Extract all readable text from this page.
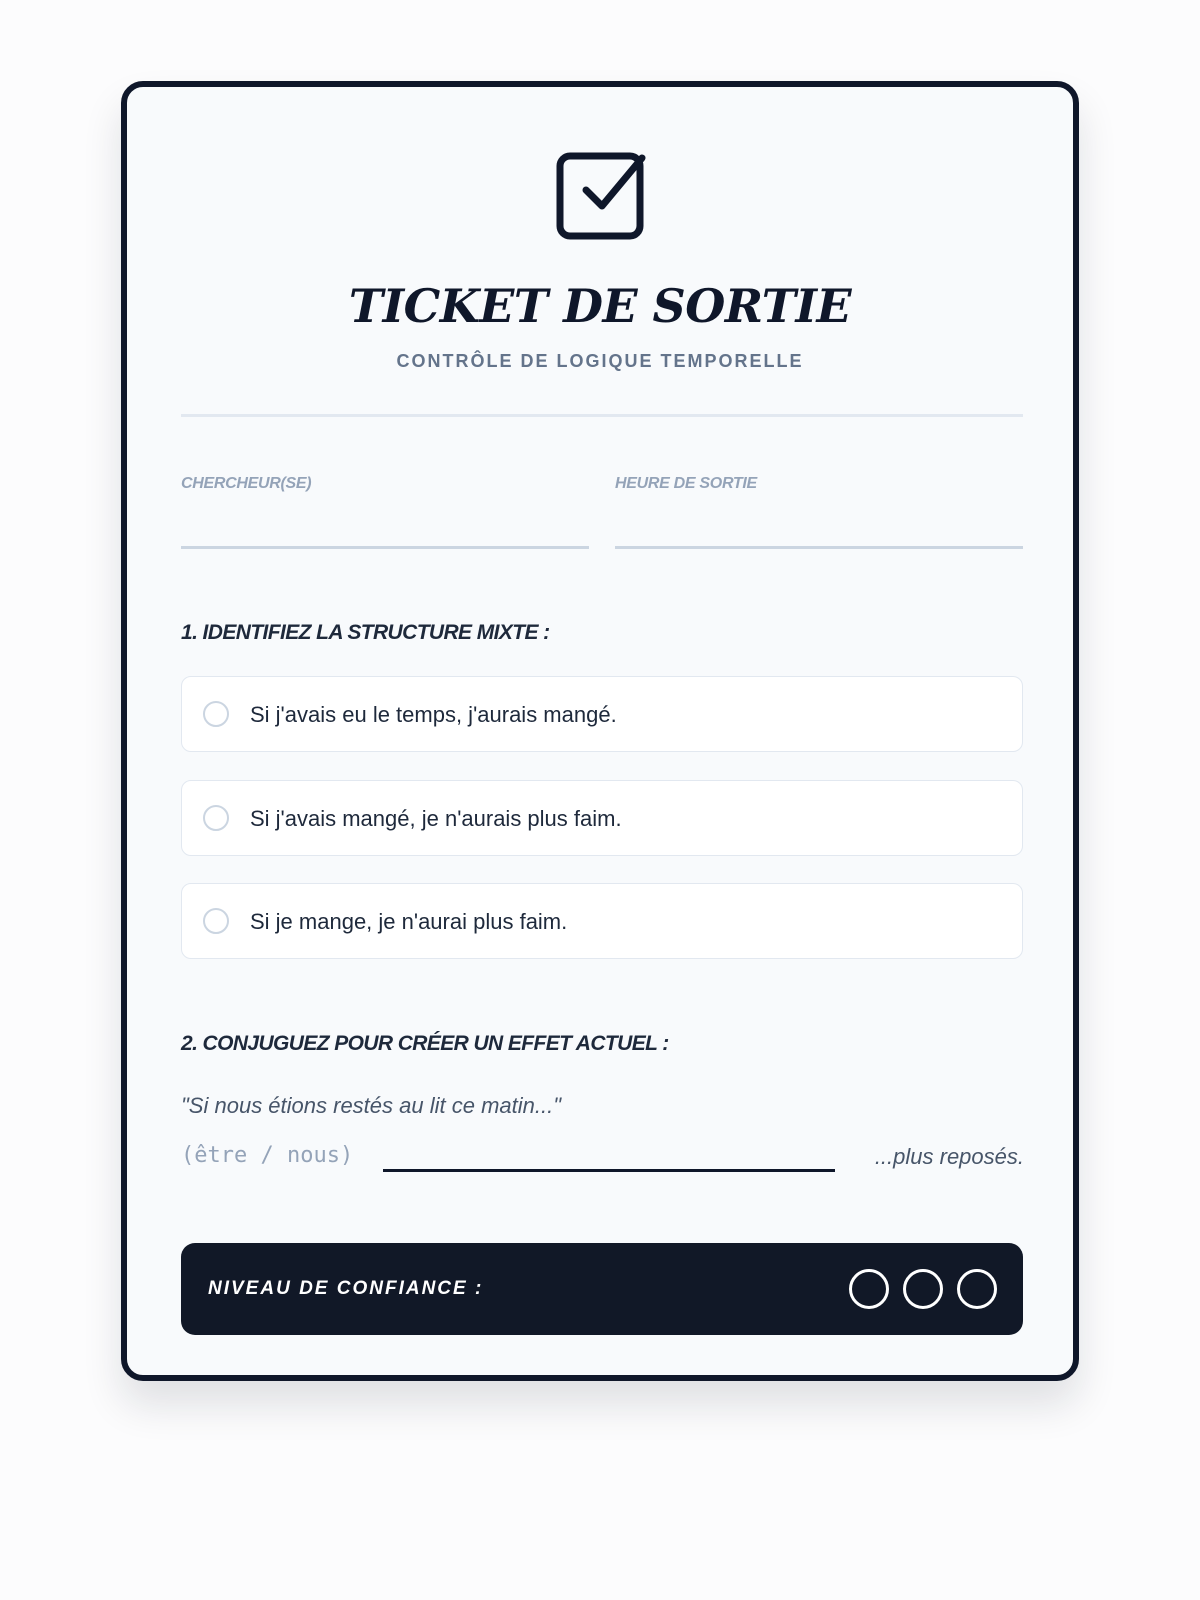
TICKET DE SORTIE
CONTRÔLE DE LOGIQUE TEMPORELLE
CHERCHEUR(SE)	HEURE DE SORTIE
1. IDENTIFIEZ LA STRUCTURE MIXTE :
Si j'avais eu le temps, j'aurais mangé.
Si j'avais mangé, je n'aurais plus faim.
Si je mange, je n'aurai plus faim.
2. CONJUGUEZ POUR CRÉER UN EFFET ACTUEL :
"Si nous étions restés au lit ce matin..."
(être / nous)	...plus reposés.
NIVEAU DE CONFIANCE :
